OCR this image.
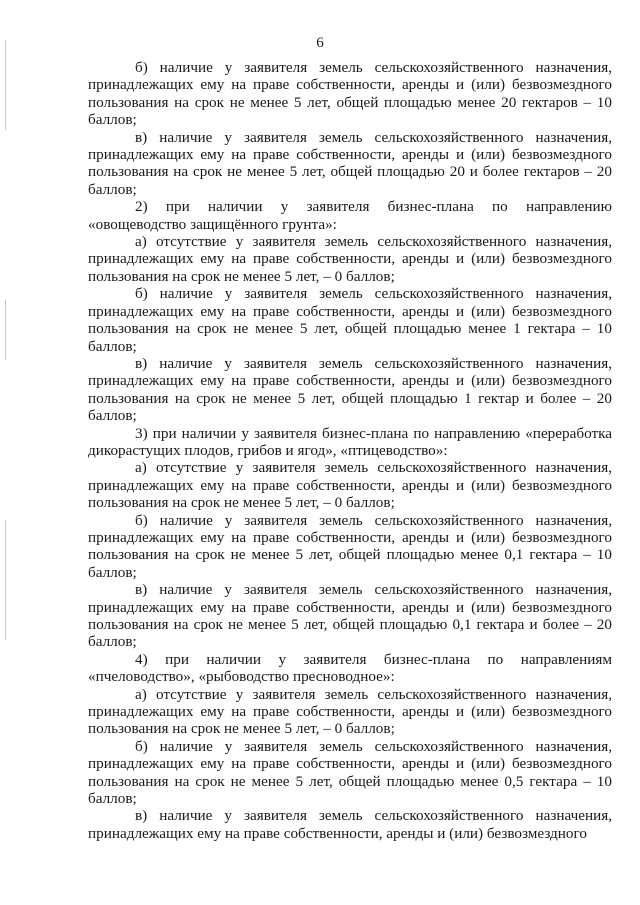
6

б) наличие у заявителя земель сельскохозяйственного назначения, принадлежащих ему на праве собственности, аренды и (или) безвозмездного пользования на срок не менее 5 лет, общей площадью менее 20 гектаров – 10 баллов;

в) наличие у заявителя земель сельскохозяйственного назначения, принадлежащих ему на праве собственности, аренды и (или) безвозмездного пользования на срок не менее 5 лет, общей площадью 20 и более гектаров – 20 баллов;

2) при наличии у заявителя бизнес-плана по направлению «овощеводство защищённого грунта»:

а) отсутствие у заявителя земель сельскохозяйственного назначения, принадлежащих ему на праве собственности, аренды и (или) безвозмездного пользования на срок не менее 5 лет, – 0 баллов;

б) наличие у заявителя земель сельскохозяйственного назначения, принадлежащих ему на праве собственности, аренды и (или) безвозмездного пользования на срок не менее 5 лет, общей площадью менее 1 гектара – 10 баллов;

в) наличие у заявителя земель сельскохозяйственного назначения, принадлежащих ему на праве собственности, аренды и (или) безвозмездного пользования на срок не менее 5 лет, общей площадью 1 гектар и более – 20 баллов;

3) при наличии у заявителя бизнес-плана по направлению «переработка дикорастущих плодов, грибов и ягод», «птицеводство»:

а) отсутствие у заявителя земель сельскохозяйственного назначения, принадлежащих ему на праве собственности, аренды и (или) безвозмездного пользования на срок не менее 5 лет, – 0 баллов;

б) наличие у заявителя земель сельскохозяйственного назначения, принадлежащих ему на праве собственности, аренды и (или) безвозмездного пользования на срок не менее 5 лет, общей площадью менее 0,1 гектара – 10 баллов;

в) наличие у заявителя земель сельскохозяйственного назначения, принадлежащих ему на праве собственности, аренды и (или) безвозмездного пользования на срок не менее 5 лет, общей площадью 0,1 гектара и более – 20 баллов;

4) при наличии у заявителя бизнес-плана по направлениям «пчеловодство», «рыбоводство пресноводное»:

а) отсутствие у заявителя земель сельскохозяйственного назначения, принадлежащих ему на праве собственности, аренды и (или) безвозмездного пользования на срок не менее 5 лет, – 0 баллов;

б) наличие у заявителя земель сельскохозяйственного назначения, принадлежащих ему на праве собственности, аренды и (или) безвозмездного пользования на срок не менее 5 лет, общей площадью менее 0,5 гектара – 10 баллов;

в) наличие у заявителя земель сельскохозяйственного назначения, принадлежащих ему на праве собственности, аренды и (или) безвозмездного
